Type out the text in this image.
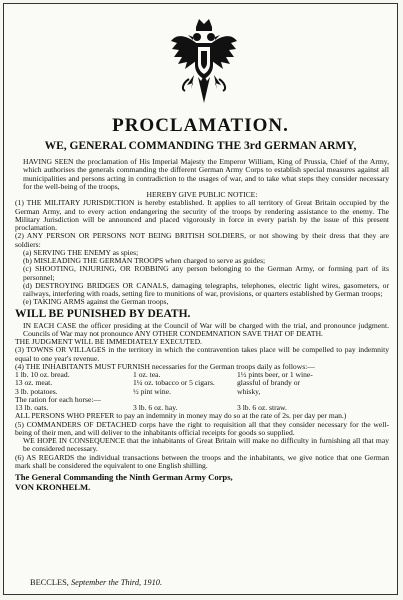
PROCLAMATION.
WE, GENERAL COMMANDING THE 3rd GERMAN ARMY,

HAVING SEEN the proclamation of His Imperial Majesty the Emperor William, King of Prussia, Chief of the Army, which authorises the generals commanding the different German Army Corps to establish special measures against all municipalities and persons acting in contradiction to the usages of war, and to take what steps they consider necessary for the well-being of the troops,

HEREBY GIVE PUBLIC NOTICE:

(1) THE MILITARY JURISDICTION is hereby established. It applies to all territory of Great Britain occupied by the German Army, and to every action endangering the security of the troops by rendering assistance to the enemy. The Military Jurisdiction will be announced and placed vigorously in force in every parish by the issue of this present proclamation.

(2) ANY PERSON OR PERSONS NOT BEING BRITISH SOLDIERS, or not showing by their dress that they are soldiers:

(a) SERVING THE ENEMY as spies;

(b) MISLEADING THE GERMAN TROOPS when charged to serve as guides;

(c) SHOOTING, INJURING, OR ROBBING any person belonging to the German Army, or forming part of its personnel;

(d) DESTROYING BRIDGES OR CANALS, damaging telegraphs, telephones, electric light wires, gasometers, or railways, interfering with roads, setting fire to munitions of war, provisions, or quarters established by German troops;

(e) TAKING ARMS against the German troops,

WILL BE PUNISHED BY DEATH.

IN EACH CASE the officer presiding at the Council of War will be charged with the trial, and pronounce judgment. Councils of War may not pronounce ANY OTHER CONDEMNATION SAVE THAT OF DEATH.

THE JUDGMENT WILL BE IMMEDIATELY EXECUTED.

(3) TOWNS OR VILLAGES in the territory in which the contravention takes place will be compelled to pay indemnity equal to one year's revenue.

(4) THE INHABITANTS MUST FURNISH necessaries for the German troops daily as follows:—

1 lb. 10 oz. bread.	1 oz. tea.	1½ pints beer, or 1 wine-
13 oz. meat.	1¼ oz. tobacco or 5 cigars.	glassful of brandy or
3 lb. potatoes.	½ pint wine.	whisky,

The ration for each horse:—

13 lb. oats.	3 lb. 6 oz. hay.	3 lb. 6 oz. straw.

ALL PERSONS WHO PREFER to pay an indemnity in money may do so at the rate of 2s. per day per man.)

(5) COMMANDERS OF DETACHED corps have the right to requisition all that they consider necessary for the well-being of their men, and will deliver to the inhabitants official receipts for goods so supplied.

WE HOPE IN CONSEQUENCE that the inhabitants of Great Britain will make no difficulty in furnishing all that may be considered necessary.

(6) AS REGARDS the individual transactions between the troops and the inhabitants, we give notice that one German mark shall be considered the equivalent to one English shilling.

The General Commanding the Ninth German Army Corps,

VON KRONHELM.

BECCLES, September the Third, 1910.
